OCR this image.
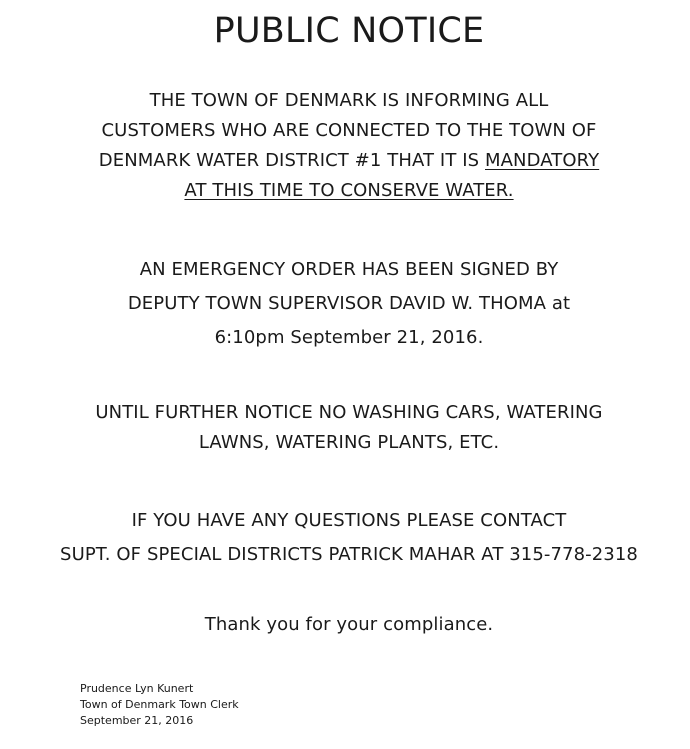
PUBLIC NOTICE
THE TOWN OF DENMARK IS INFORMING ALL
CUSTOMERS WHO ARE CONNECTED TO THE TOWN OF
DENMARK WATER DISTRICT #1 THAT IT IS MANDATORY
AT THIS TIME TO CONSERVE WATER.
AN EMERGENCY ORDER HAS BEEN SIGNED BY
DEPUTY TOWN SUPERVISOR DAVID W. THOMA at
6:10pm September 21, 2016.
UNTIL FURTHER NOTICE NO WASHING CARS, WATERING
LAWNS, WATERING PLANTS, ETC.
IF YOU HAVE ANY QUESTIONS PLEASE CONTACT
SUPT. OF SPECIAL DISTRICTS PATRICK MAHAR AT 315-778-2318
Thank you for your compliance.
Prudence Lyn Kunert
Town of Denmark Town Clerk
September 21, 2016
